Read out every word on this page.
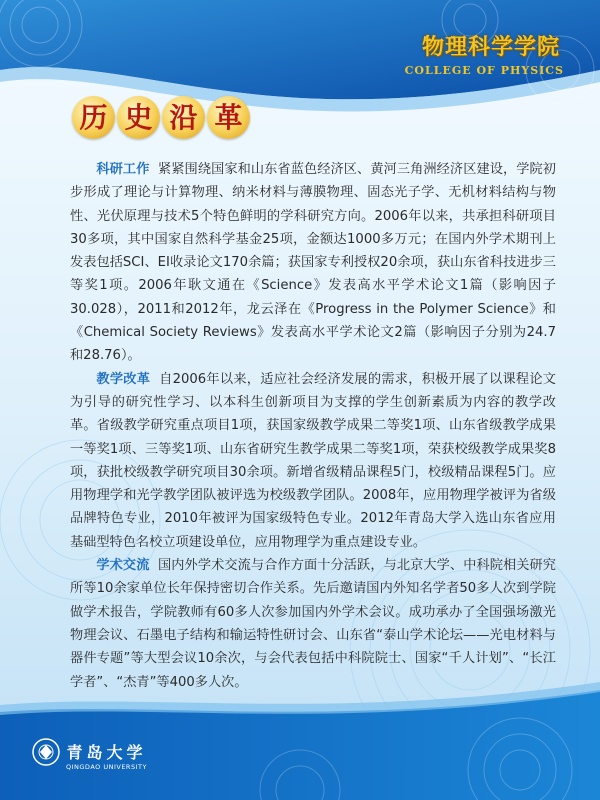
物理科学学院
COLLEGE OF PHYSICS
历 史 沿 革

科研工作 紧紧围绕国家和山东省蓝色经济区、黄河三角洲经济区建设，学院初步形成了理论与计算物理、纳米材料与薄膜物理、固态光子学、无机材料结构与物性、光伏原理与技术5个特色鲜明的学科研究方向。2006年以来，共承担科研项目30多项，其中国家自然科学基金25项，金额达1000多万元；在国内外学术期刊上发表包括SCI、EI收录论文170余篇；获国家专利授权20余项，获山东省科技进步三等奖1项。2006年耿文通在《Science》发表高水平学术论文1篇（影响因子30.028），2011和2012年，龙云泽在《Progress in the Polymer Science》和《Chemical Society Reviews》发表高水平学术论文2篇（影响因子分别为24.7和28.76）。

教学改革 自2006年以来，适应社会经济发展的需求，积极开展了以课程论文为引导的研究性学习、以本科生创新项目为支撑的学生创新素质为内容的教学改革。省级教学研究重点项目1项，获国家级教学成果二等奖1项、山东省级教学成果一等奖1项、三等奖1项、山东省研究生教学成果二等奖1项，荣获校级教学成果奖8项，获批校级教学研究项目30余项。新增省级精品课程5门，校级精品课程5门。应用物理学和光学教学团队被评选为校级教学团队。2008年，应用物理学被评为省级品牌特色专业，2010年被评为国家级特色专业。2012年青岛大学入选山东省应用基础型特色名校立项建设单位，应用物理学为重点建设专业。

学术交流 国内外学术交流与合作方面十分活跃，与北京大学、中科院相关研究所等10余家单位长年保持密切合作关系。先后邀请国内外知名学者50多人次到学院做学术报告，学院教师有60多人次参加国内外学术会议。成功承办了全国强场激光物理会议、石墨电子结构和输运特性研讨会、山东省“泰山学术论坛——光电材料与器件专题”等大型会议10余次，与会代表包括中科院院士、国家“千人计划”、“长江学者”、“杰青”等400多人次。

青岛大学
QINGDAO UNIVERSITY
